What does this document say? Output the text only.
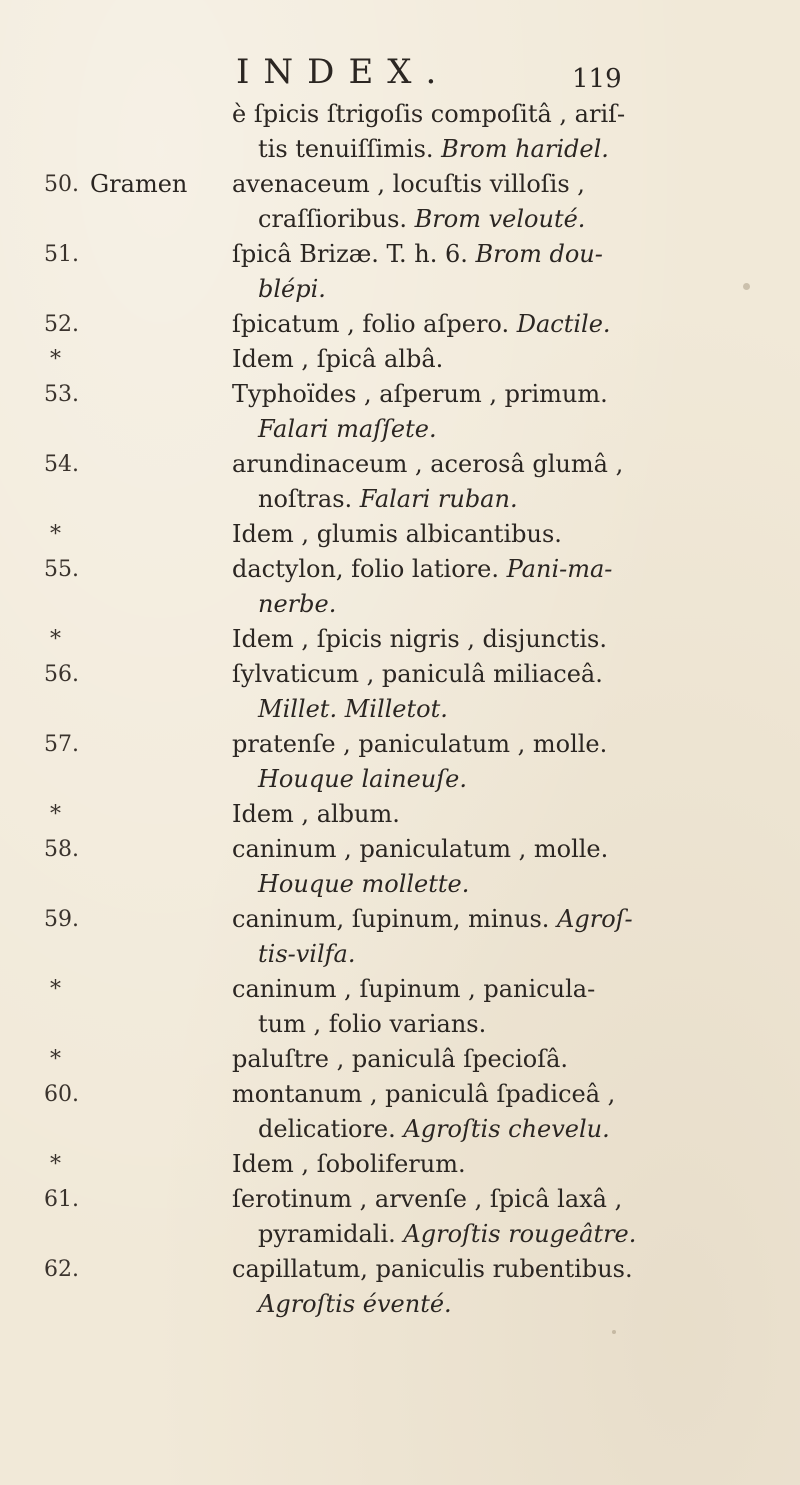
INDEX.	119
è ſpicis ſtrigoſis compoſitâ , ariſ-
tis tenuiſſimis. Brom haridel.
50. Gramen avenaceum , locuſtis villoſis ,
craſſioribus. Brom velouté.
51.	ſpicâ Brizæ. T. h. 6. Brom dou-
blépi.
52.	ſpicatum , folio aſpero. Dactile.
*	Idem , ſpicâ albâ.
53.	Typhoïdes , aſperum , primum.
Falari maſſete.
54.	arundinaceum , acerosâ glumâ ,
noſtras. Falari ruban.
*	Idem , glumis albicantibus.
55.	dactylon, folio latiore. Pani-ma-
nerbe.
*	Idem , ſpicis nigris , disjunctis.
56.	ſylvaticum , paniculâ miliaceâ.
Millet. Milletot.
57.	pratenſe , paniculatum , molle.
Houque laineuſe.
*	Idem , album.
58.	caninum , paniculatum , molle.
Houque mollette.
59.	caninum, ſupinum, minus. Agroſ-
tis-vilfa.
*	caninum , ſupinum , panicula-
tum , folio varians.
*	paluſtre , paniculâ ſpecioſâ.
60.	montanum , paniculâ ſpadiceâ ,
delicatiore. Agroſtis chevelu.
*	Idem , ſoboliferum.
61.	ſerotinum , arvenſe , ſpicâ laxâ ,
pyramidali. Agroſtis rougeâtre.
62.	capillatum, paniculis rubentibus.
Agroſtis éventé.
